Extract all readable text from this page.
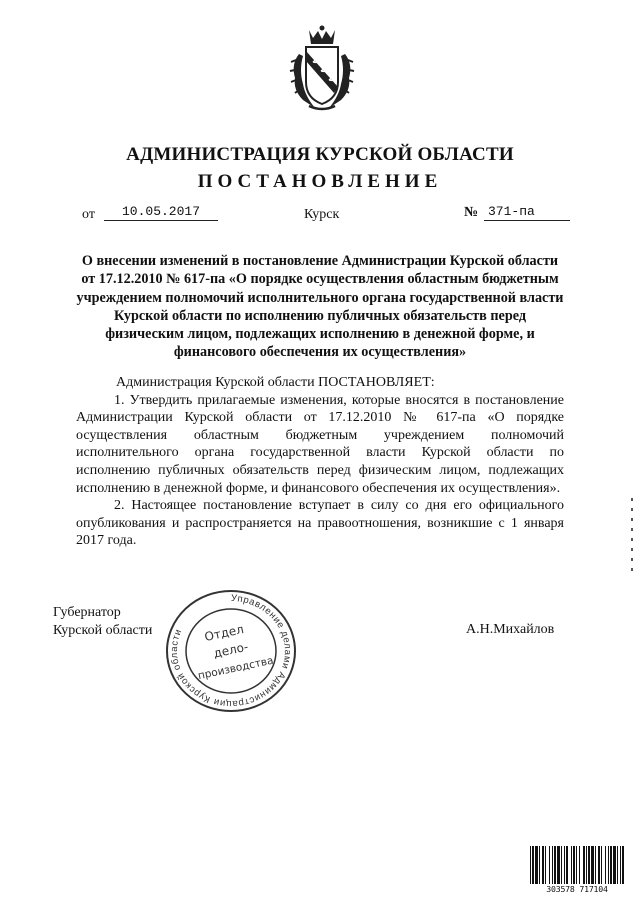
АДМИНИСТРАЦИЯ КУРСКОЙ ОБЛАСТИ
ПОСТАНОВЛЕНИЕ
от	10.05.2017	Курск	№ 371-па
О внесении изменений в постановление Администрации Курской области от 17.12.2010 № 617-па «О порядке осуществления областным бюджетным учреждением полномочий исполнительного органа государственной власти Курской области по исполнению публичных обязательств перед физическим лицом, подлежащих исполнению в денежной форме, и финансового обеспечения их осуществления»

Администрация Курской области ПОСТАНОВЛЯЕТ:

1. Утвердить прилагаемые изменения, которые вносятся в постановление Администрации Курской области от 17.12.2010 № 617-па «О порядке осуществления областным бюджетным учреждением полномочий исполнительного органа государственной власти Курской области по исполнению публичных обязательств перед физическим лицом, подлежащих исполнению в денежной форме, и финансового обеспечения их осуществления».

2. Настоящее постановление вступает в силу со дня его официального опубликования и распространяется на правоотношения, возникшие с 1 января 2017 года.

Губернатор
Курской области
Управление делами Администрации Курской области	Отдел
дело-
производства
А.Н.Михайлов
303578 717104
